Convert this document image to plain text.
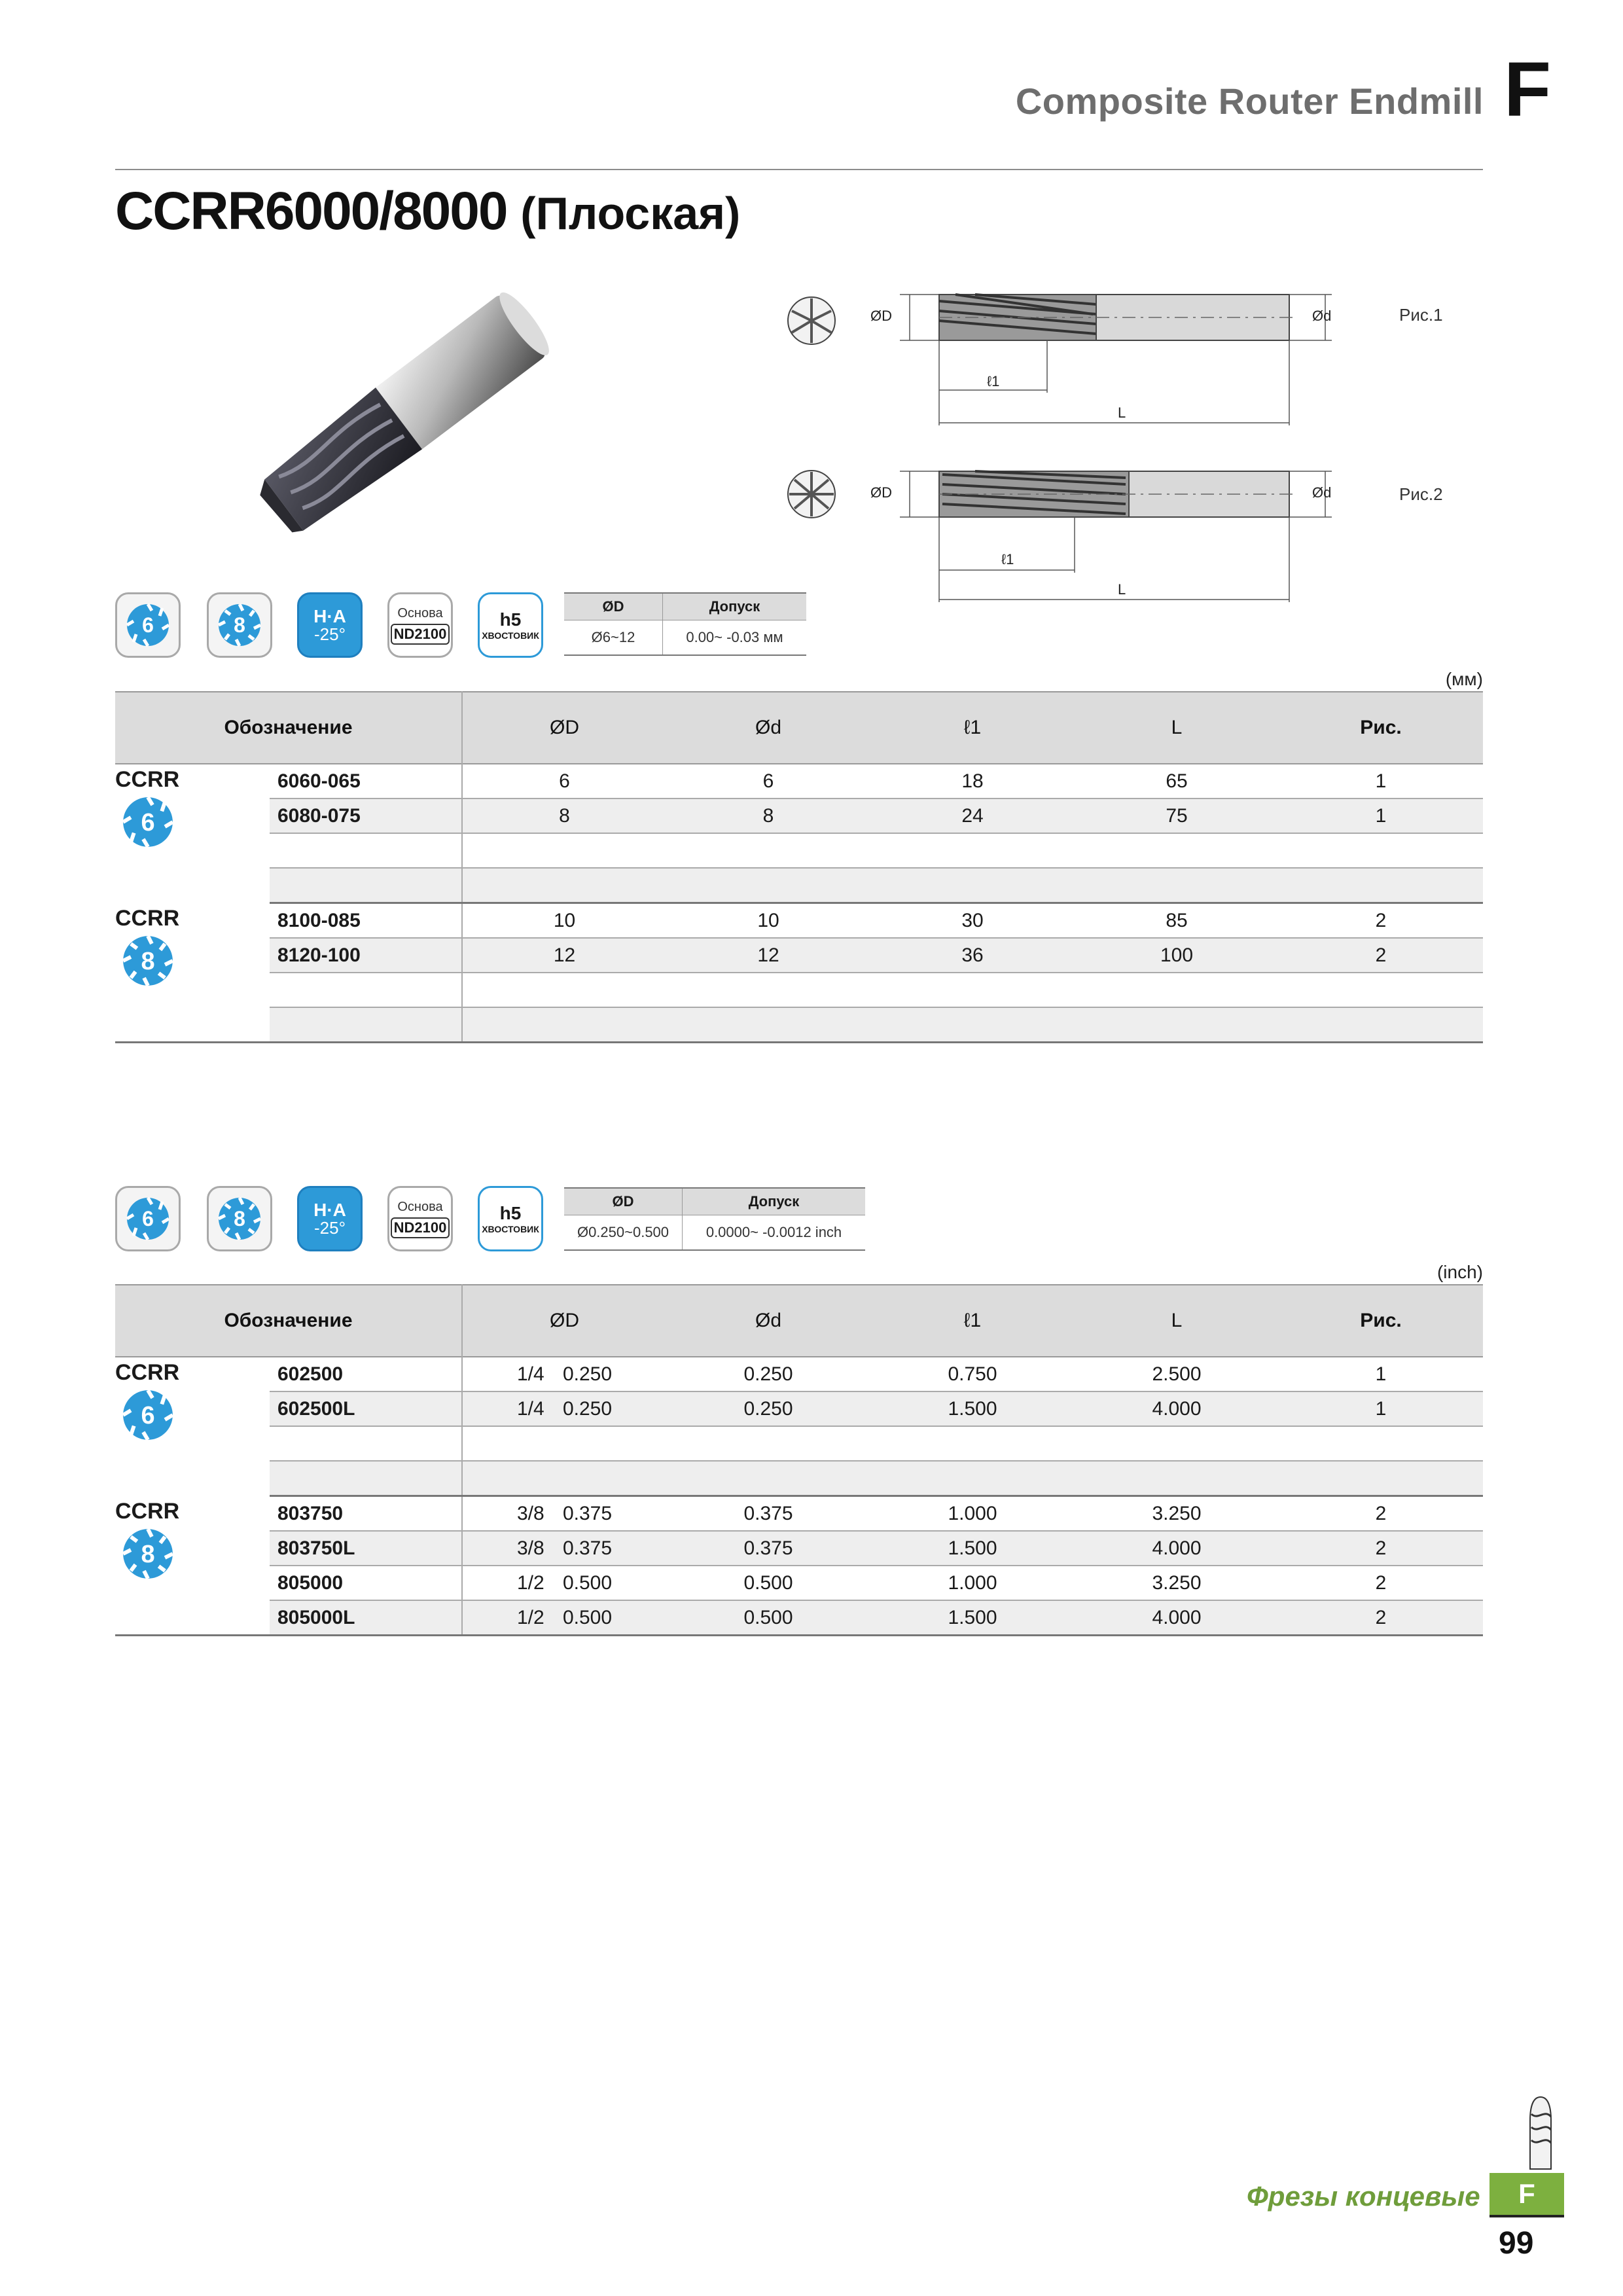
Composite Router Endmill F
CCRR6000/8000 (Плоская)
ØD	Ød
ℓ1
L
Рис.1
ØD	Ød
ℓ1
L
Рис.2
6	8	H·A
-25°
Основа
ND2100
h5
ХВОСТОВИК
ØD	Допуск
Ø6~12	0.00~ -0.03 мм
(мм)
Обозначение		ØD	Ød	ℓ1	L	Рис.

CCRR
6	6060-065	6	6	18	65	1
	6080-075	8	8	24	75	1

CCRR
8	8100-085	10	10	30	85	2
	8120-100	12	12	36	100	2

6	8	H·A
-25°
Основа
ND2100
h5
ХВОСТОВИК
ØD	Допуск
Ø0.250~0.500	0.0000~ -0.0012 inch
(inch)
Обозначение		ØD	Ød	ℓ1	L	Рис.

CCRR
6	602500	1/4 0.250	0.250	0.750	2.500	1
	602500L	1/4 0.250	0.250	1.500	4.000	1

CCRR
8	803750	3/8 0.375	0.375	1.000	3.250	2
	803750L	3/8 0.375	0.375	1.500	4.000	2
	805000	1/2 0.500	0.500	1.000	3.250	2
	805000L	1/2 0.500	0.500	1.500	4.000	2
Фрезы концевые	F
99
